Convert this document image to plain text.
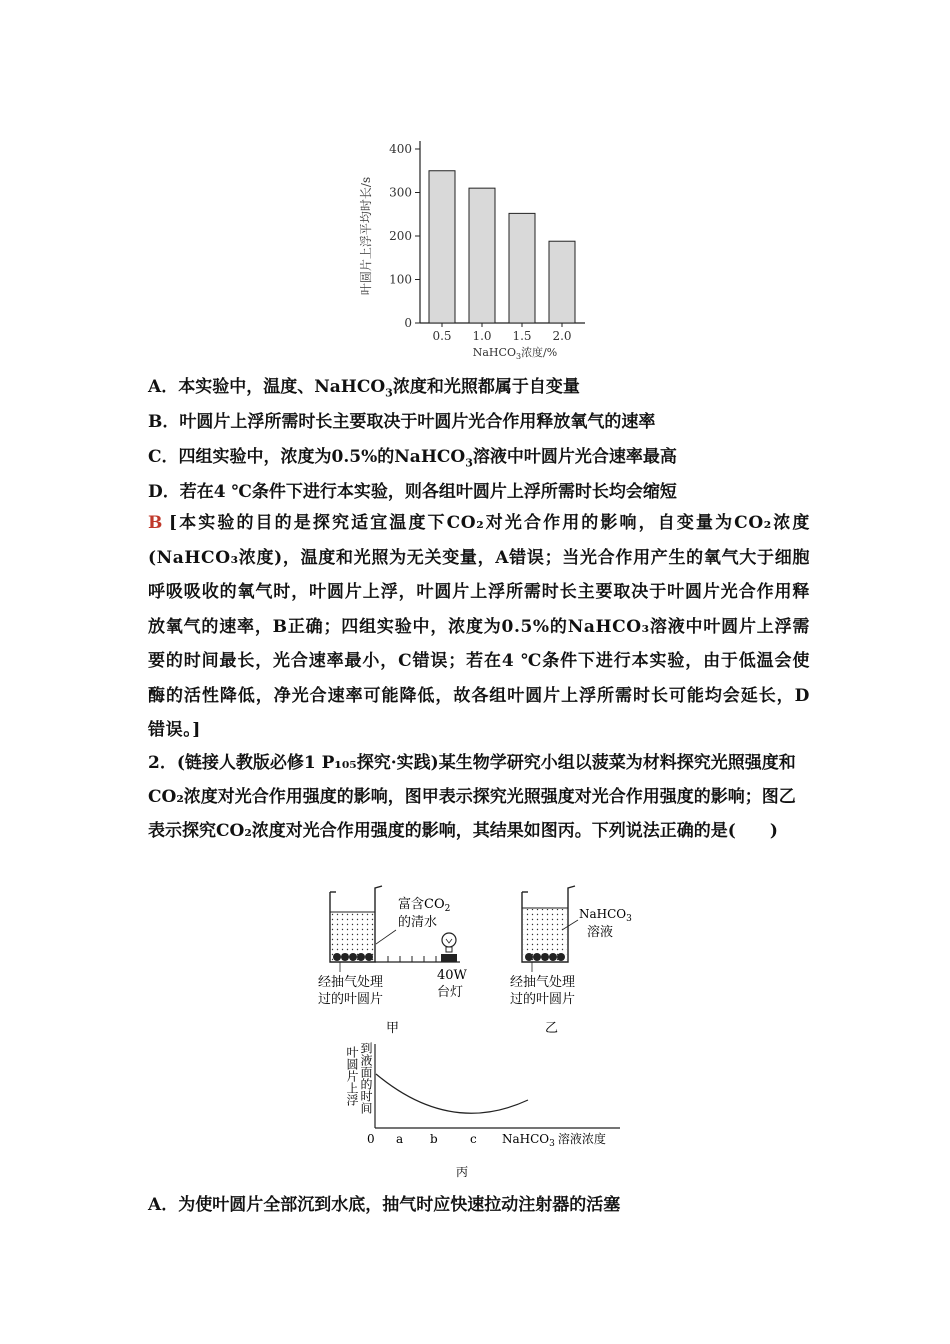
0
100
200
300
400
0.5 1.0 1.5 2.0
NaHCO$_3$浓度/%
叶圆片上浮平均时长/s
A．本实验中，温度、NaHCO$_3$浓度和光照都属于自变量
B．叶圆片上浮所需时长主要取决于叶圆片光合作用释放氧气的速率
C．四组实验中，浓度为0.5%的NaHCO$_3$溶液中叶圆片光合速率最高
D．若在4 ℃条件下进行本实验，则各组叶圆片上浮所需时长均会缩短
B [本实验的目的是探究适宜温度下CO₂对光合作用的影响，自变量为CO₂浓度(NaHCO₃浓度)，温度和光照为无关变量，A错误；当光合作用产生的氧气大于细胞呼吸吸收的氧气时，叶圆片上浮，叶圆片上浮所需时长主要取决于叶圆片光合作用释放氧气的速率，B正确；四组实验中，浓度为0.5%的NaHCO₃溶液中叶圆片上浮需要的时间最长，光合速率最小，C错误；若在4 ℃条件下进行本实验，由于低温会使酶的活性降低，净光合速率可能降低，故各组叶圆片上浮所需时长可能均会延长，D错误。]
2．(链接人教版必修1 P₁₀₅探究·实践)某生物学研究小组以菠菜为材料探究光照强度和CO₂浓度对光合作用强度的影响，图甲表示探究光照强度对光合作用强度的影响；图乙表示探究CO₂浓度对光合作用强度的影响，其结果如图丙。下列说法正确的是(　　)
富含$CO_2$
的清水
经抽气处理
过的叶圆片
40W
台灯
甲
NaHCO$_3$
溶液
经抽气处理
过的叶圆片
乙
叶圆片上浮 到液面的时间
0 a b	c NaHCO$_3$ 溶液浓度
丙
A．为使叶圆片全部沉到水底，抽气时应快速拉动注射器的活塞
